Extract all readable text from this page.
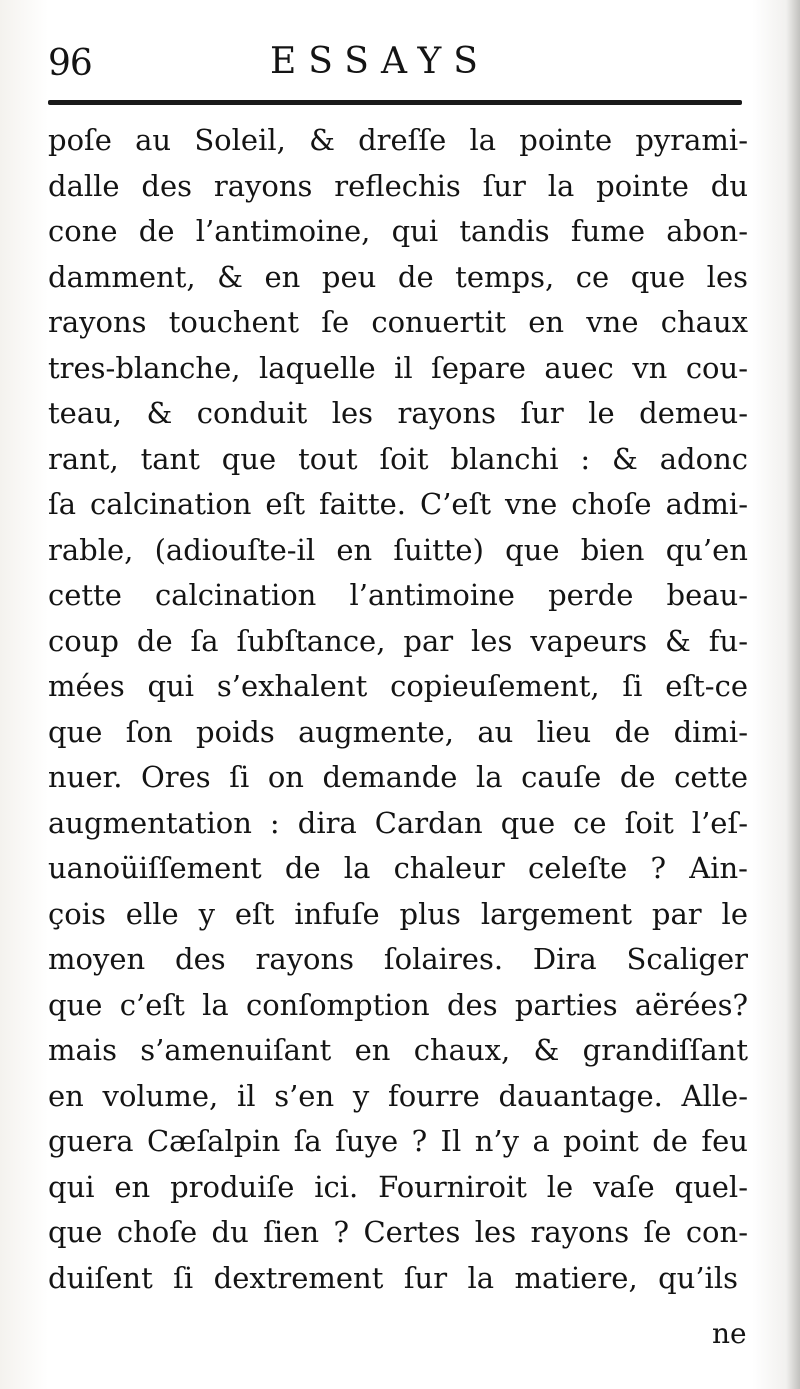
96	ESSAYS
poſe au Soleil, & dreſſe la pointe pyrami-
dalle des rayons reflechis ſur la pointe du
cone de l’antimoine, qui tandis fume abon-
damment, & en peu de temps, ce que les
rayons touchent ſe conuertit en vne chaux
tres-blanche, laquelle il ſepare auec vn cou-
teau, & conduit les rayons ſur le demeu-
rant, tant que tout ſoit blanchi : & adonc
ſa calcination eſt faitte. C’eſt vne choſe admi-
rable, (adiouſte-il en ſuitte) que bien qu’en
cette calcination l’antimoine perde beau-
coup de ſa ſubſtance, par les vapeurs & fu-
mées qui s’exhalent copieuſement, ſi eſt-ce
que ſon poids augmente, au lieu de dimi-
nuer. Ores ſi on demande la cauſe de cette
augmentation : dira Cardan que ce ſoit l’eſ-
uanoüiſſement de la chaleur celeſte ? Ain-
çois elle y eſt infuſe plus largement par le
moyen des rayons ſolaires. Dira Scaliger
que c’eſt la conſomption des parties aërées?
mais s’amenuiſant en chaux, & grandiſſant
en volume, il s’en y fourre dauantage. Alle-
guera Cæſalpin ſa ſuye ? Il n’y a point de feu
qui en produiſe ici. Fourniroit le vaſe quel-
que choſe du ſien ? Certes les rayons ſe con-
duiſent ſi dextrement ſur la matiere, qu’ils
ne
